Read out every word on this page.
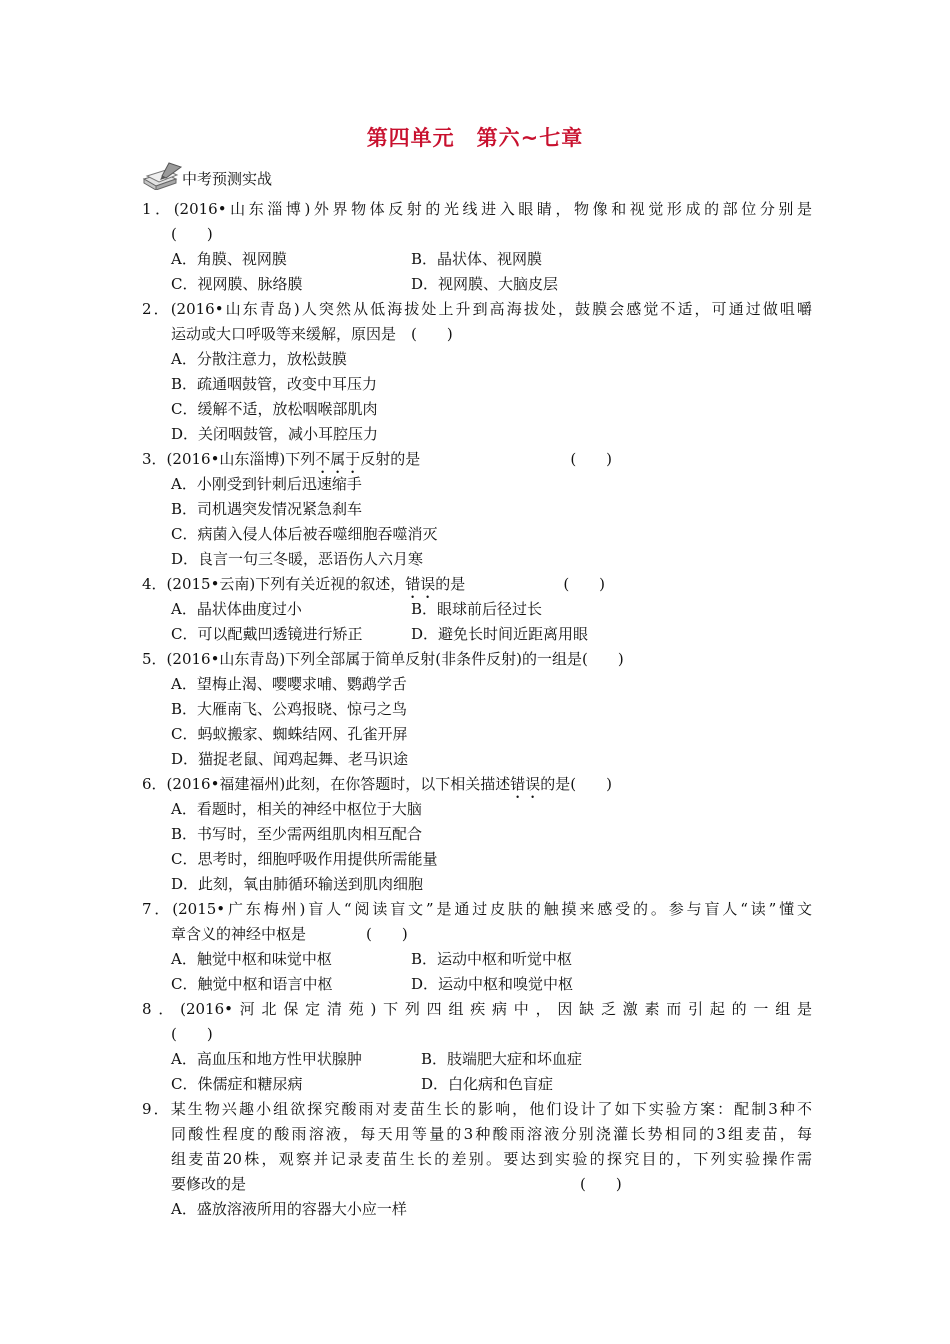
第四单元　第六~七章
中考预测实战
1．(2016•山东淄博)外界物体反射的光线进入眼睛，物像和视觉形成的部位分别是
(　　)
A．角膜、视网膜	B．晶状体、视网膜
C．视网膜、脉络膜	D．视网膜、大脑皮层
2．(2016•山东青岛)人突然从低海拔处上升到高海拔处，鼓膜会感觉不适，可通过做咀嚼
运动或大口呼吸等来缓解，原因是　(　　)
A．分散注意力，放松鼓膜
B．疏通咽鼓管，改变中耳压力
C．缓解不适，放松咽喉部肌肉
D．关闭咽鼓管，减小耳腔压力
3．(2016•山东淄博)下列不属于反射的是	(　　)
A．小刚受到针刺后迅速缩手
B．司机遇突发情况紧急刹车
C．病菌入侵人体后被吞噬细胞吞噬消灭
D．良言一句三冬暖，恶语伤人六月寒
4．(2015•云南)下列有关近视的叙述，错误的是	(　　)
A．晶状体曲度过小	B．眼球前后径过长
C．可以配戴凹透镜进行矫正	D．避免长时间近距离用眼
5．(2016•山东青岛)下列全部属于简单反射(非条件反射)的一组是(　　)
A．望梅止渴、嘤嘤求哺、鹦鹉学舌
B．大雁南飞、公鸡报晓、惊弓之鸟
C．蚂蚁搬家、蜘蛛结网、孔雀开屏
D．猫捉老鼠、闻鸡起舞、老马识途
6．(2016•福建福州)此刻，在你答题时，以下相关描述错误的是(　　)
A．看题时，相关的神经中枢位于大脑
B．书写时，至少需两组肌肉相互配合
C．思考时，细胞呼吸作用提供所需能量
D．此刻，氧由肺循环输送到肌肉细胞
7．(2015•广东梅州)盲人“阅读盲文”是通过皮肤的触摸来感受的。参与盲人“读”懂文
章含义的神经中枢是　　　　(　　)
A．触觉中枢和味觉中枢	B．运动中枢和听觉中枢
C．触觉中枢和语言中枢	D．运动中枢和嗅觉中枢
8．(2016•河北保定清苑)下列四组疾病中，因缺乏激素而引起的一组是
(　　)
A．高血压和地方性甲状腺肿	B．肢端肥大症和坏血症
C．侏儒症和糖尿病	D．白化病和色盲症
9．某生物兴趣小组欲探究酸雨对麦苗生长的影响，他们设计了如下实验方案：配制3种不
同酸性程度的酸雨溶液，每天用等量的3种酸雨溶液分别浇灌长势相同的3组麦苗，每
组麦苗20株，观察并记录麦苗生长的差别。要达到实验的探究目的，下列实验操作需
要修改的是	(　　)
A．盛放溶液所用的容器大小应一样
